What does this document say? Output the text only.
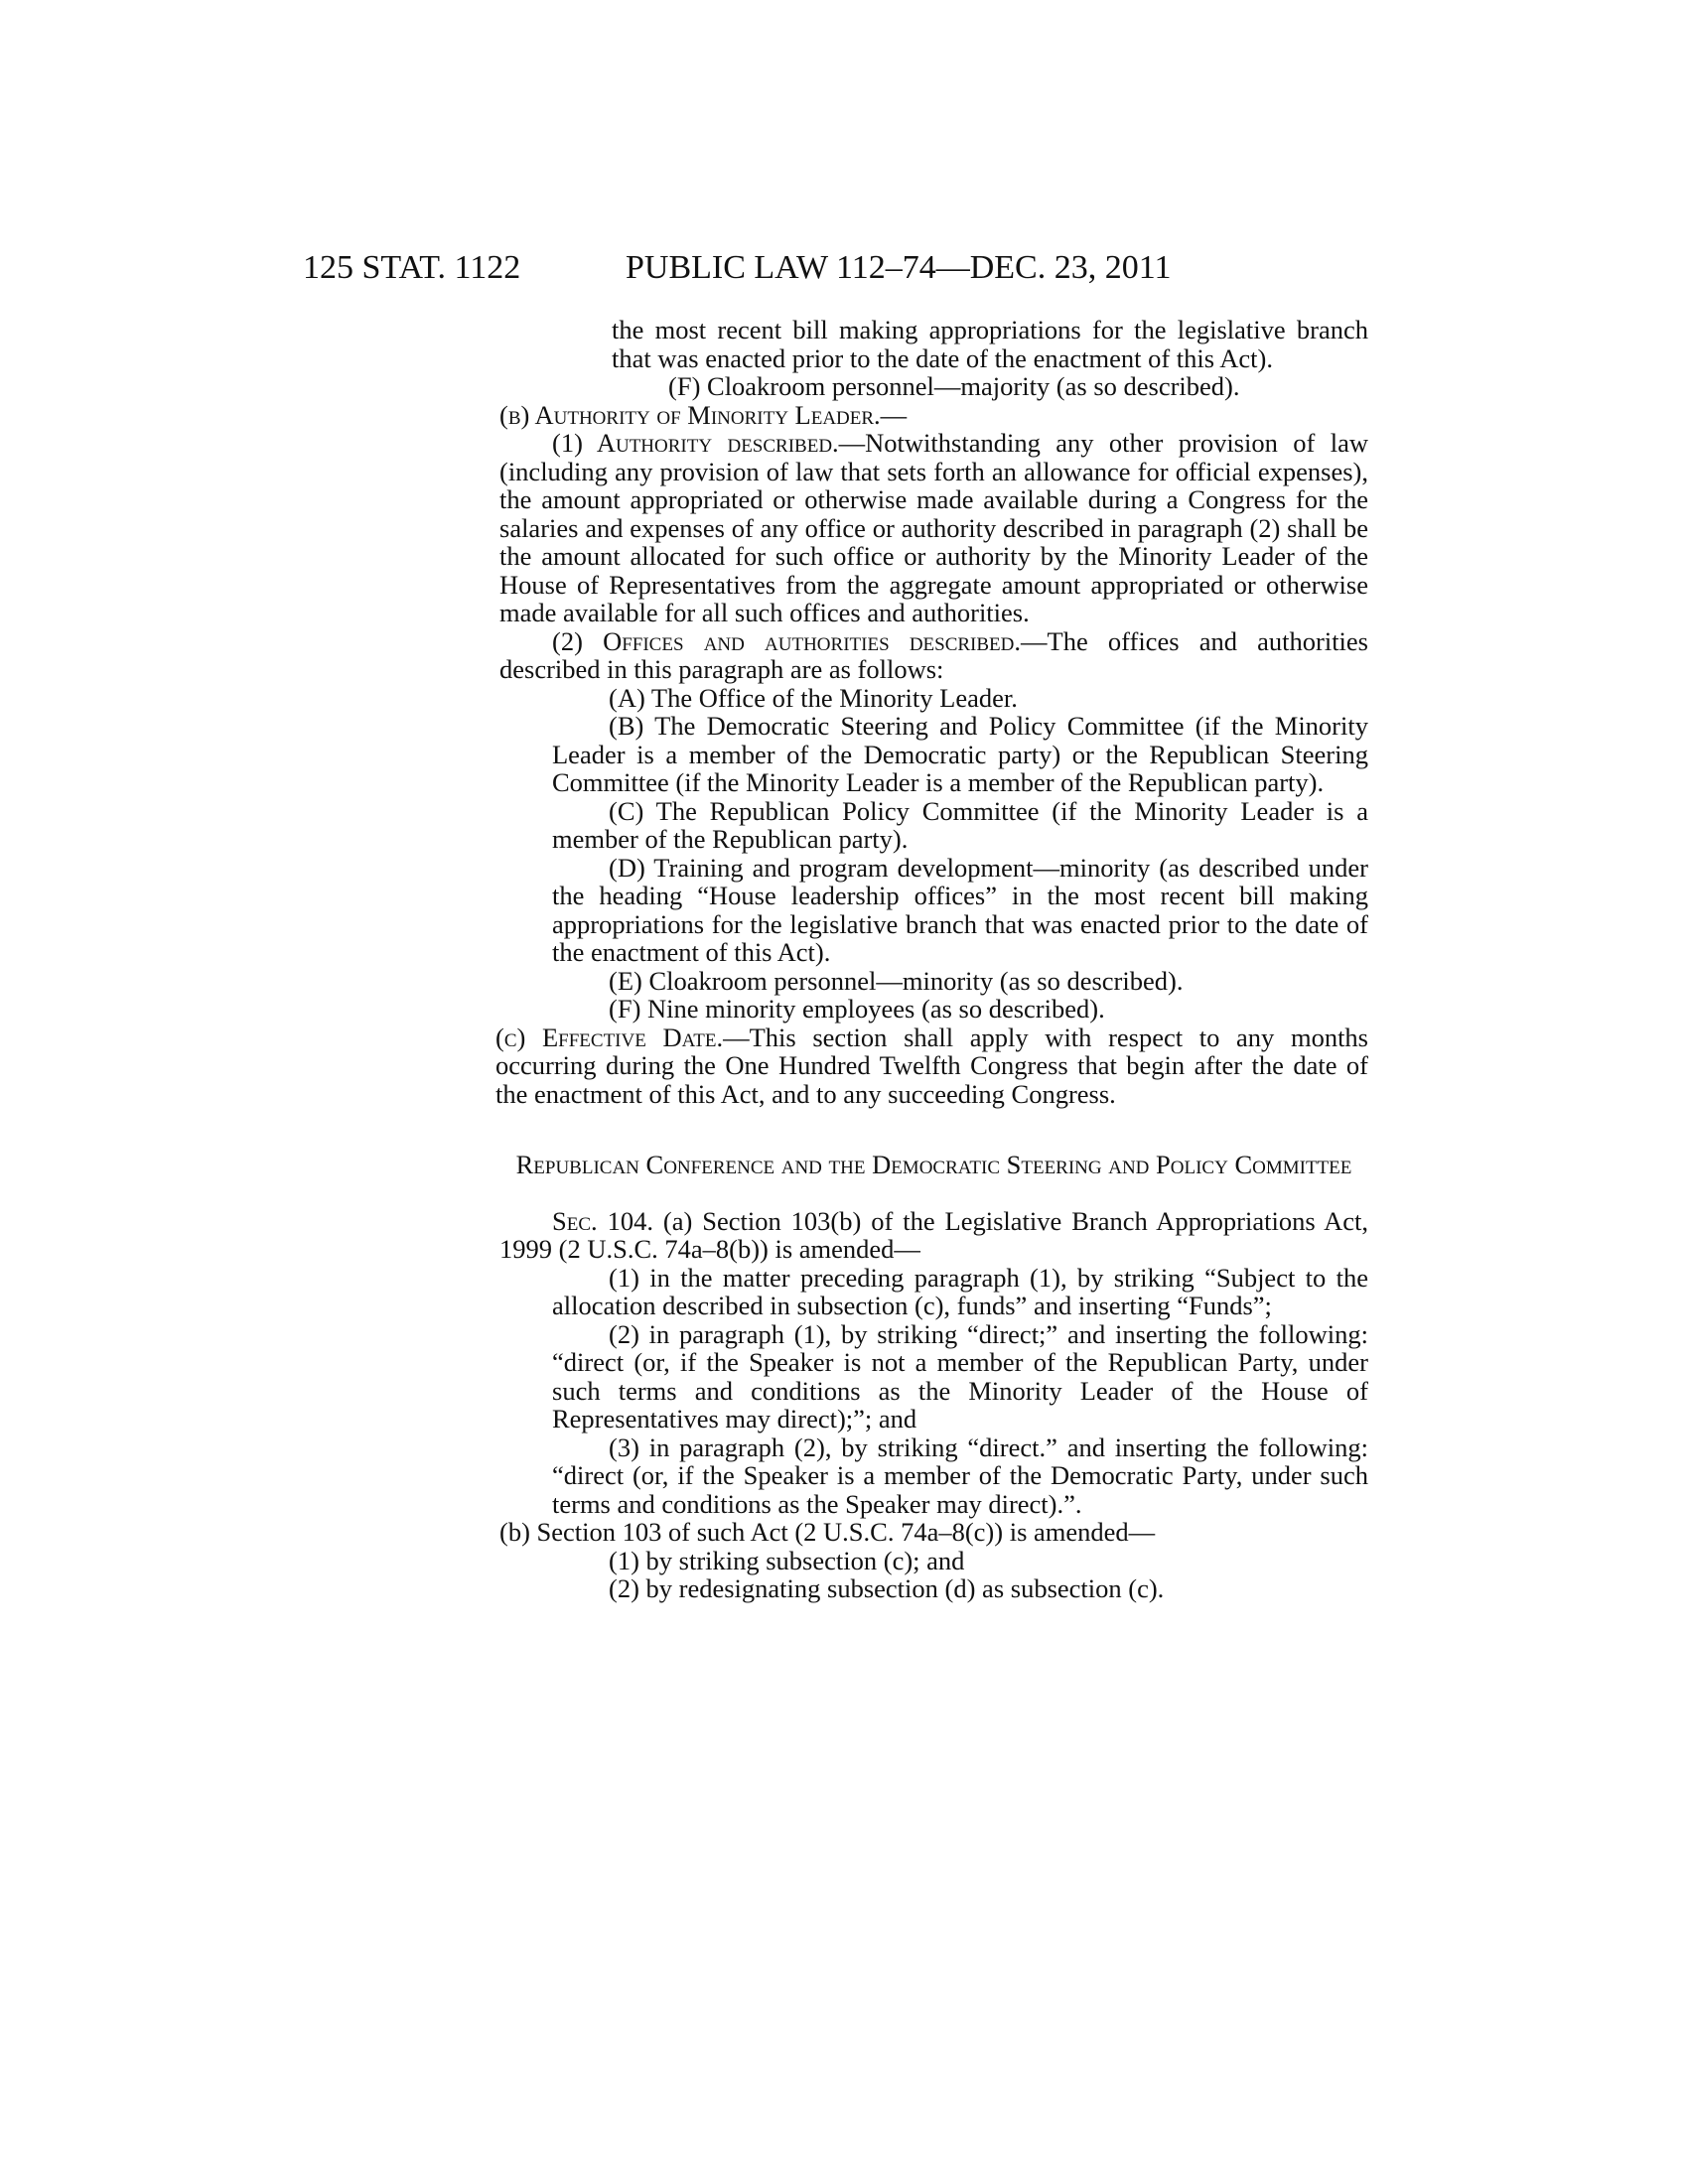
125 STAT. 1122	PUBLIC LAW 112–74—DEC. 23, 2011

the most recent bill making appropriations for the legislative branch that was enacted prior to the date of the enactment of this Act).

(F) Cloakroom personnel—majority (as so described).

(b) Authority of Minority Leader.—

(1) Authority described.—Notwithstanding any other provision of law (including any provision of law that sets forth an allowance for official expenses), the amount appropriated or otherwise made available during a Congress for the salaries and expenses of any office or authority described in paragraph (2) shall be the amount allocated for such office or authority by the Minority Leader of the House of Representatives from the aggregate amount appropriated or otherwise made available for all such offices and authorities.

(2) Offices and authorities described.—The offices and authorities described in this paragraph are as follows:

(A) The Office of the Minority Leader.

(B) The Democratic Steering and Policy Committee (if the Minority Leader is a member of the Democratic party) or the Republican Steering Committee (if the Minority Leader is a member of the Republican party).

(C) The Republican Policy Committee (if the Minority Leader is a member of the Republican party).

(D) Training and program development—minority (as described under the heading “House leadership offices” in the most recent bill making appropriations for the legislative branch that was enacted prior to the date of the enactment of this Act).

(E) Cloakroom personnel—minority (as so described).

(F) Nine minority employees (as so described).

(c) Effective Date.—This section shall apply with respect to any months occurring during the One Hundred Twelfth Congress that begin after the date of the enactment of this Act, and to any succeeding Congress.

Republican Conference and the Democratic Steering and Policy Committee

Sec. 104. (a) Section 103(b) of the Legislative Branch Appropriations Act, 1999 (2 U.S.C. 74a–8(b)) is amended—

(1) in the matter preceding paragraph (1), by striking “Subject to the allocation described in subsection (c), funds” and inserting “Funds”;

(2) in paragraph (1), by striking “direct;” and inserting the following: “direct (or, if the Speaker is not a member of the Republican Party, under such terms and conditions as the Minority Leader of the House of Representatives may direct);”; and

(3) in paragraph (2), by striking “direct.” and inserting the following: “direct (or, if the Speaker is a member of the Democratic Party, under such terms and conditions as the Speaker may direct).”.

(b) Section 103 of such Act (2 U.S.C. 74a–8(c)) is amended—

(1) by striking subsection (c); and

(2) by redesignating subsection (d) as subsection (c).
